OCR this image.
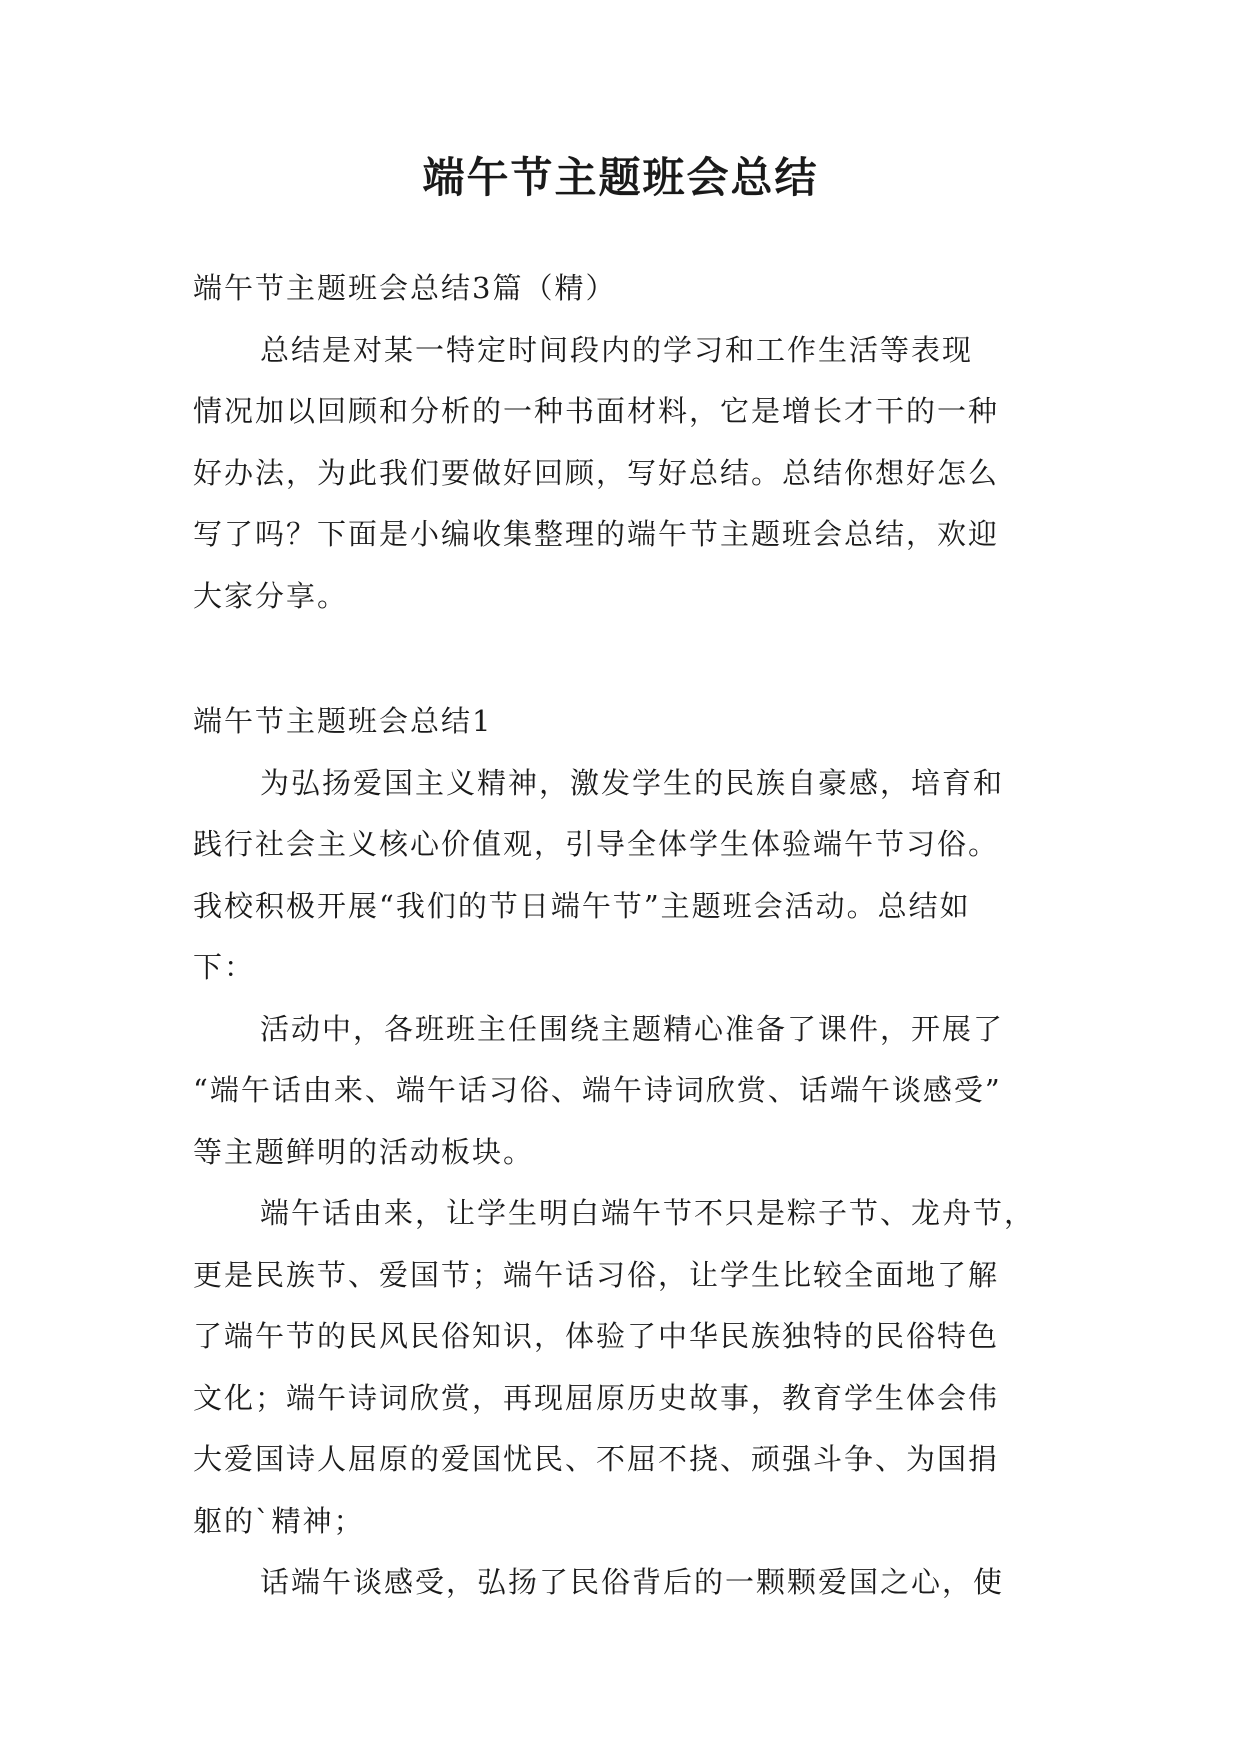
端午节主题班会总结
端午节主题班会总结3篇（精）
总结是对某一特定时间段内的学习和工作生活等表现
情况加以回顾和分析的一种书面材料，它是增长才干的一种
好办法，为此我们要做好回顾，写好总结。总结你想好怎么
写了吗？下面是小编收集整理的端午节主题班会总结，欢迎
大家分享。
端午节主题班会总结1
为弘扬爱国主义精神，激发学生的民族自豪感，培育和
践行社会主义核心价值观，引导全体学生体验端午节习俗。
我校积极开展“我们的节日端午节”主题班会活动。总结如
下：
活动中，各班班主任围绕主题精心准备了课件，开展了
“端午话由来、端午话习俗、端午诗词欣赏、话端午谈感受”
等主题鲜明的活动板块。
端午话由来，让学生明白端午节不只是粽子节、龙舟节，
更是民族节、爱国节；端午话习俗，让学生比较全面地了解
了端午节的民风民俗知识，体验了中华民族独特的民俗特色
文化；端午诗词欣赏，再现屈原历史故事，教育学生体会伟
大爱国诗人屈原的爱国忧民、不屈不挠、顽强斗争、为国捐
躯的`精神；
话端午谈感受，弘扬了民俗背后的一颗颗爱国之心，使
